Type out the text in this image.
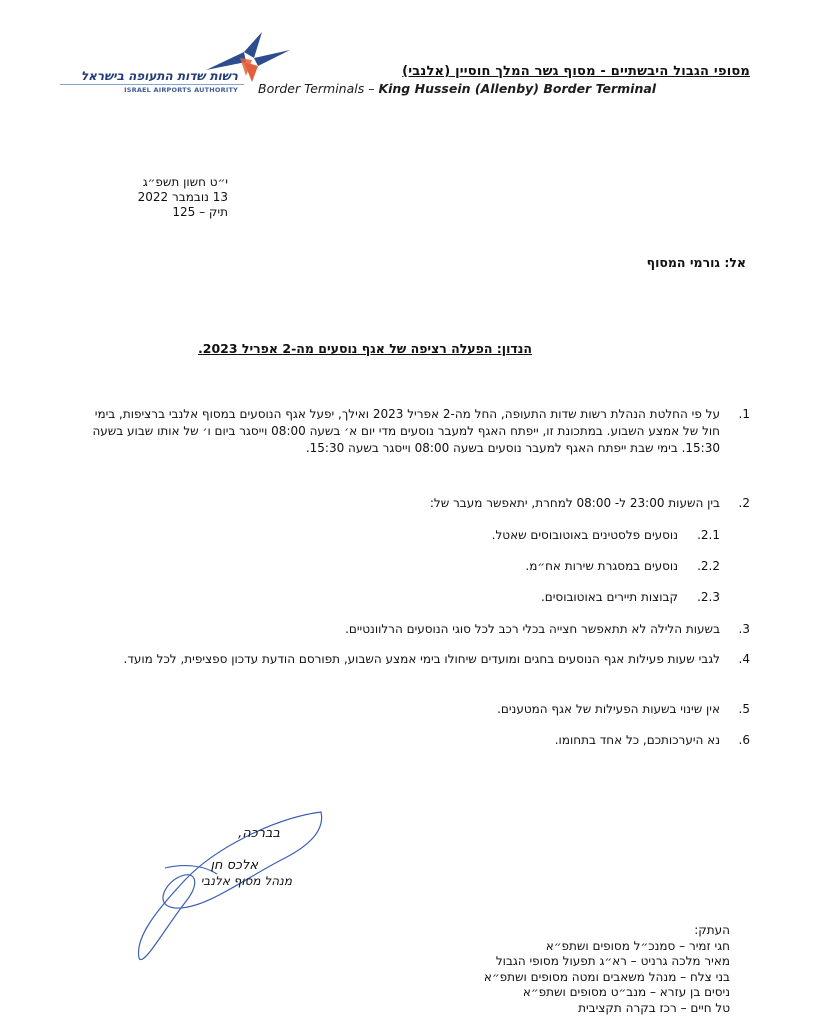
רשות שדות התעופה בישראל
ISRAEL AIRPORTS AUTHORITY
מסופי הגבול היבשתיים - מסוף גשר המלך חוסיין (אלנבי)
Border Terminals – King Hussein (Allenby) Border Terminal
י״ט חשון תשפ״ג
13 נובמבר 2022
תיק – 125
אל: גורמי המסוף
הנדון: הפעלה רציפה של אגף נוסעים מה-2 אפריל 2023.
1.
על פי החלטת הנהלת רשות שדות התעופה, החל מה-2 אפריל 2023 ואילך, יפעל אגף הנוסעים במסוף אלנבי ברציפות, בימי חול של אמצע השבוע. במתכונת זו, ייפתח האגף למעבר נוסעים מדי יום א׳ בשעה 08:00 וייסגר ביום ו׳ של אותו שבוע בשעה 15:30. בימי שבת ייפתח האגף למעבר נוסעים בשעה 08:00 וייסגר בשעה 15:30.
2.
בין השעות 23:00 ל- 08:00 למחרת, יתאפשר מעבר של:
2.1.
נוסעים פלסטינים באוטובוסים שאטל.
2.2.
נוסעים במסגרת שירות אח״מ.
2.3.
קבוצות תיירים באוטובוסים.
3.
בשעות הלילה לא תתאפשר חצייה בכלי רכב לכל סוגי הנוסעים הרלוונטיים.
4.
לגבי שעות פעילות אגף הנוסעים בחגים ומועדים שיחולו בימי אמצע השבוע, תפורסם הודעת עדכון ספציפית, לכל מועד.
5.
אין שינוי בשעות הפעילות של אגף המטענים.
6.
נא היערכותכם, כל אחד בתחומו.
בברכה,
אלכס חן
מנהל מסוף אלנבי
העתק:
חגי זמיר – סמנכ״ל מסופים ושתפ״א
מאיר מלכה גרניט – רא״ג תפעול מסופי הגבול
בני צלח – מנהל משאבים ומטה מסופים ושתפ״א
ניסים בן עזרא – מנב״ט מסופים ושתפ״א
טל חיים – רכז בקרה תקציבית
